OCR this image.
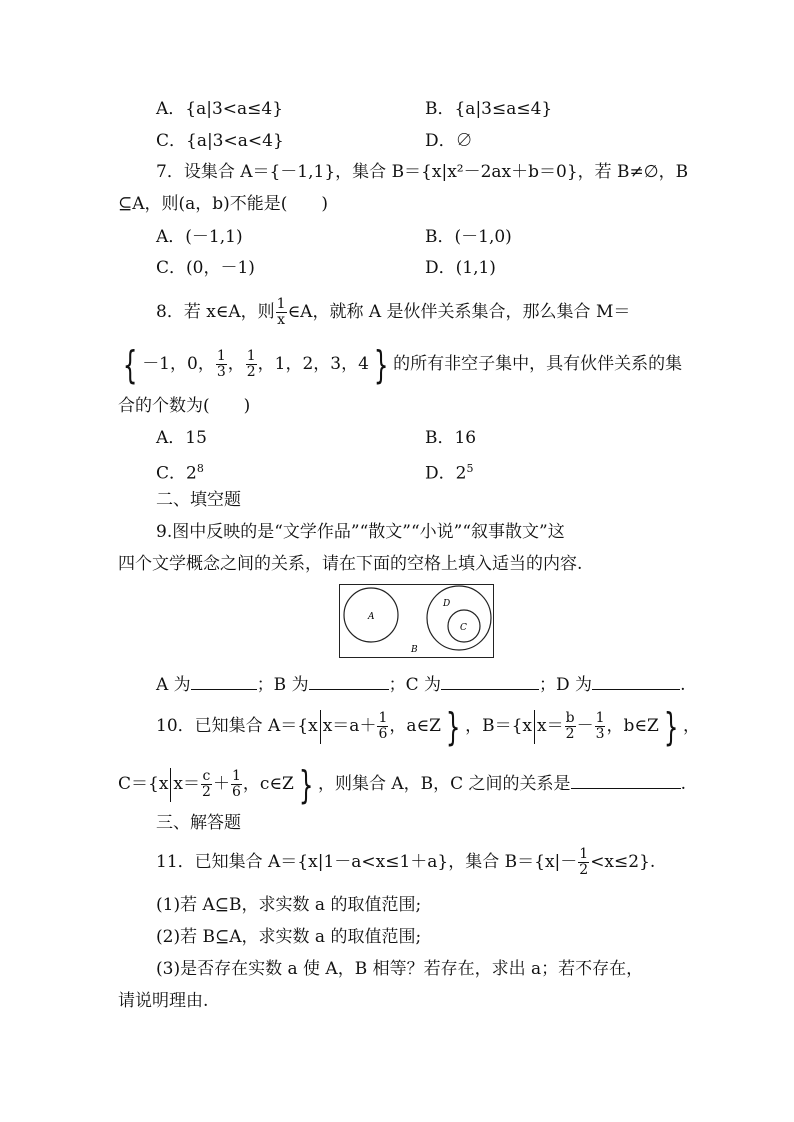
A．{a|3<a≤4}	B．{a|3≤a≤4}
C．{a|3<a<4}	D．∅
7．设集合 A＝{－1,1}，集合 B＝{x|x²－2ax＋b＝0}，若 B≠∅，B
⊆A，则(a，b)不能是(　　)
A．(－1,1)	B．(－1,0)
C．(0，－1)	D．(1,1)
8．若 x∈A，则 $\frac{1}{x}$ ∈A，就称 A 是伙伴关系集合，那么集合 M＝
{ －1，0， $\frac{1}{3}$ ， $\frac{1}{2}$ ，1，2，3，4 } 的所有非空子集中，具有伙伴关系的集
合的个数为(　　)
A．15	B．16
C．$2^8$	D．$2^5$
二、填空题
9.图中反映的是“文学作品”“散文”“小说”“叙事散文”这
四个文学概念之间的关系，请在下面的空格上填入适当的内容.
A
B
D
C
A 为	；B 为	；C 为	；D 为	.
10．已知集合 A＝{x $x=a+ \frac{1}{6}$ ，a∈Z } ，B＝{x $x= \frac{b}{2} - \frac{1}{3}$ ，b∈Z } ，
C＝{x $x= \frac{c}{2} + \frac{1}{6}$ ，c∈Z } ，则集合 A，B，C 之间的关系是	.
三、解答题
11．已知集合 A＝{x|1－a<x≤1＋a}，集合 $B=\{x|- \frac{1}{2} <x\le 2\}$.
(1)若 A⊆B，求实数 a 的取值范围;
(2)若 B⊆A，求实数 a 的取值范围;
(3)是否存在实数 a 使 A，B 相等？若存在，求出 a；若不存在，
请说明理由.
